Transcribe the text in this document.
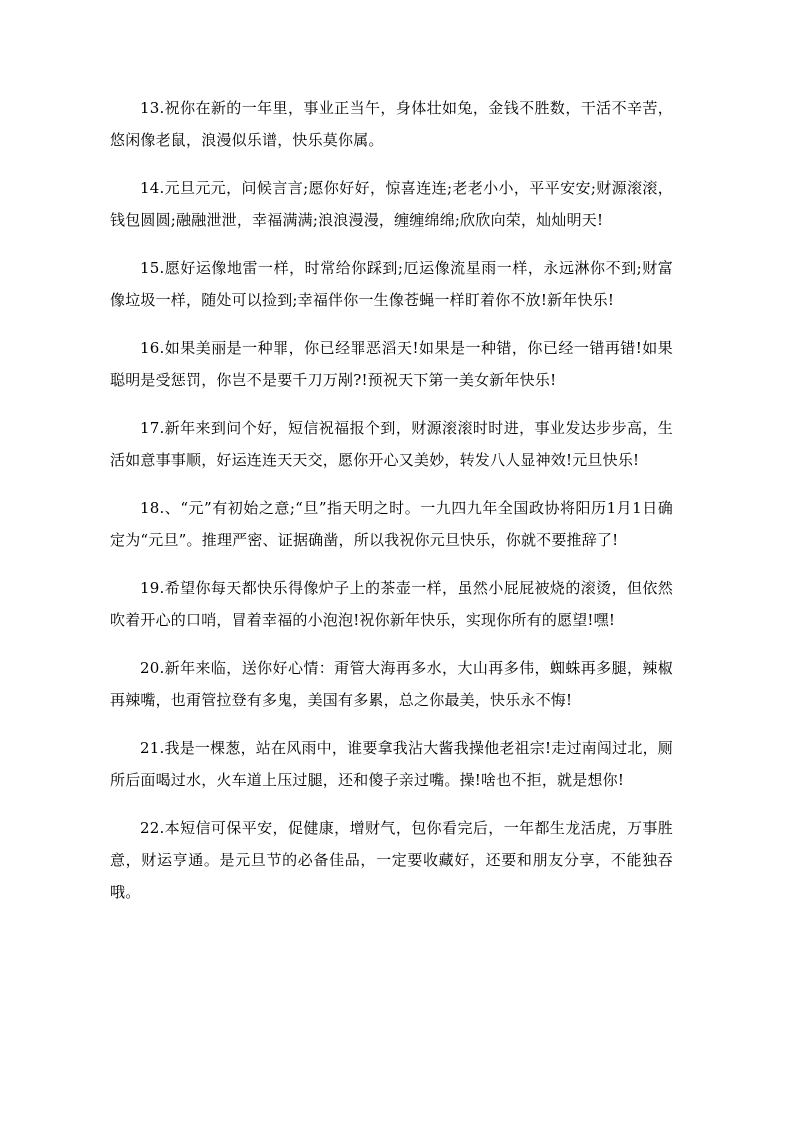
13.祝你在新的一年里，事业正当午，身体壮如兔，金钱不胜数，干活不辛苦，悠闲像老鼠，浪漫似乐谱，快乐莫你属。

14.元旦元元，问候言言;愿你好好，惊喜连连;老老小小，平平安安;财源滚滚，钱包圆圆;融融泄泄，幸福满满;浪浪漫漫，缠缠绵绵;欣欣向荣，灿灿明天!

15.愿好运像地雷一样，时常给你踩到;厄运像流星雨一样，永远淋你不到;财富像垃圾一样，随处可以捡到;幸福伴你一生像苍蝇一样盯着你不放!新年快乐!

16.如果美丽是一种罪，你已经罪恶滔天!如果是一种错，你已经一错再错!如果聪明是受惩罚，你岂不是要千刀万剐?!预祝天下第一美女新年快乐!

17.新年来到问个好，短信祝福报个到，财源滚滚时时进，事业发达步步高，生活如意事事顺，好运连连天天交，愿你开心又美妙，转发八人显神效!元旦快乐!

18.、“元”有初始之意;“旦”指天明之时。一九四九年全国政协将阳历1月1日确定为“元旦”。推理严密、证据确凿，所以我祝你元旦快乐，你就不要推辞了!

19.希望你每天都快乐得像炉子上的茶壶一样，虽然小屁屁被烧的滚烫，但依然吹着开心的口哨，冒着幸福的小泡泡!祝你新年快乐，实现你所有的愿望!嘿!

20.新年来临，送你好心情：甭管大海再多水，大山再多伟，蜘蛛再多腿，辣椒再辣嘴，也甭管拉登有多鬼，美国有多累，总之你最美，快乐永不悔!

21.我是一棵葱，站在风雨中，谁要拿我沾大酱我操他老祖宗!走过南闯过北，厕所后面喝过水，火车道上压过腿，还和傻子亲过嘴。操!啥也不拒，就是想你!

22.本短信可保平安，促健康，增财气，包你看完后，一年都生龙活虎，万事胜意，财运亨通。是元旦节的必备佳品，一定要收藏好，还要和朋友分享，不能独吞哦。
